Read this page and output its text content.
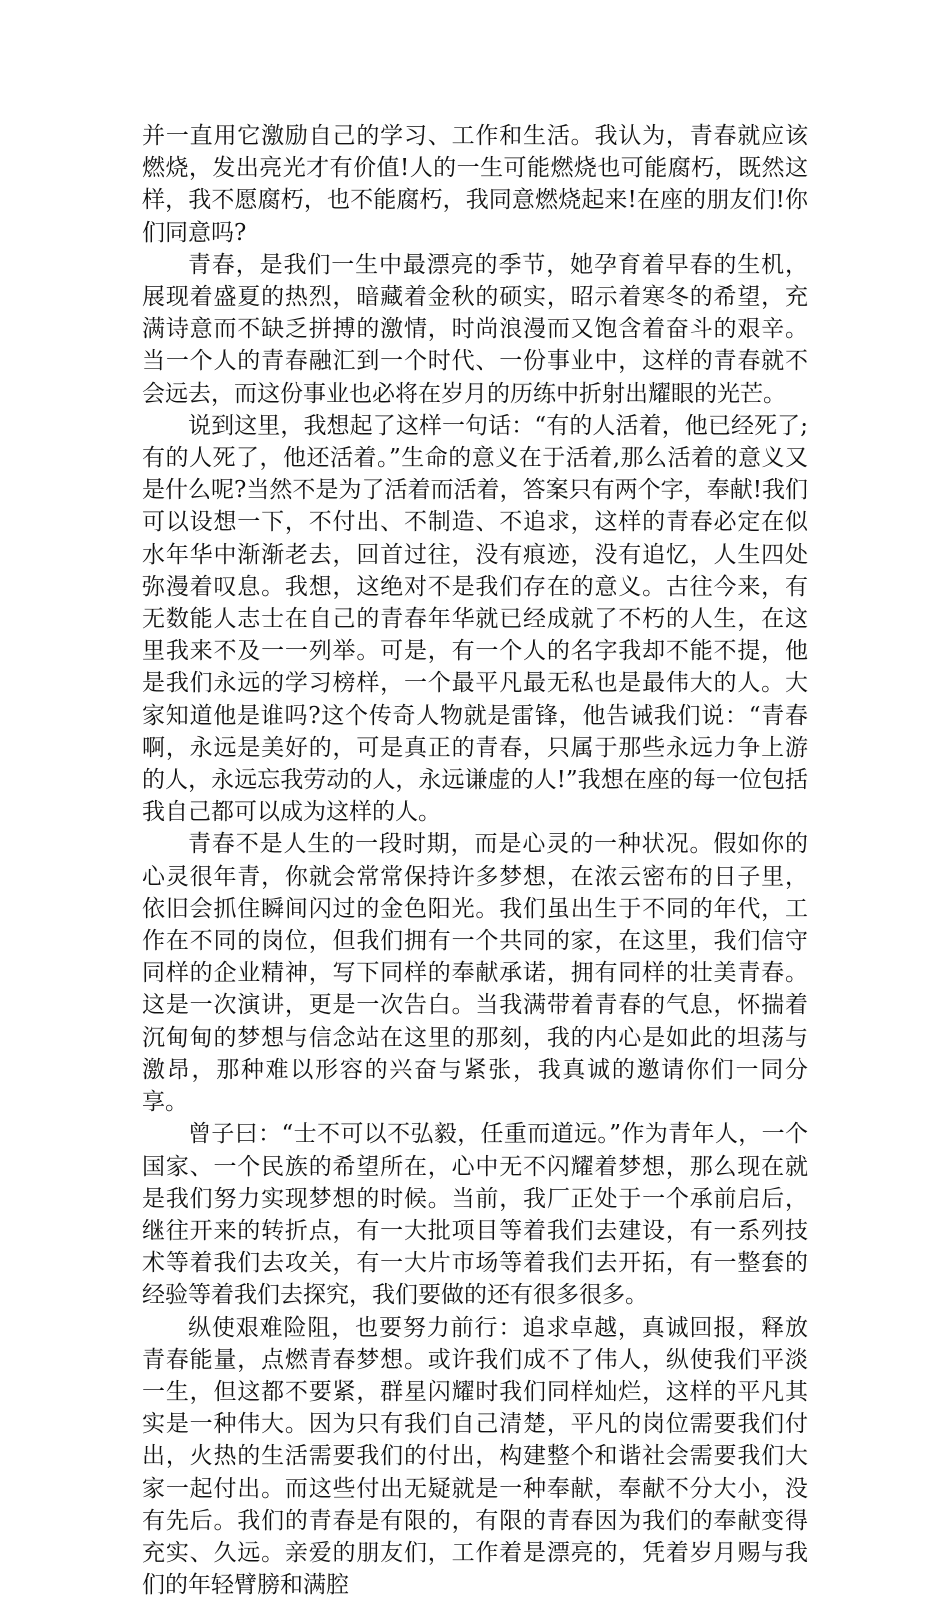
并一直用它激励自己的学习、工作和生活。我认为，青春就应该燃烧，发出亮光才有价值!人的一生可能燃烧也可能腐朽，既然这样，我不愿腐朽，也不能腐朽，我同意燃烧起来!在座的朋友们!你们同意吗?

青春，是我们一生中最漂亮的季节，她孕育着早春的生机，展现着盛夏的热烈，暗藏着金秋的硕实，昭示着寒冬的希望，充满诗意而不缺乏拼搏的激情，时尚浪漫而又饱含着奋斗的艰辛。当一个人的青春融汇到一个时代、一份事业中，这样的青春就不会远去，而这份事业也必将在岁月的历练中折射出耀眼的光芒。

说到这里，我想起了这样一句话：“有的人活着，他已经死了;有的人死了，他还活着。”生命的意义在于活着,那么活着的意义又是什么呢?当然不是为了活着而活着，答案只有两个字，奉献!我们可以设想一下，不付出、不制造、不追求，这样的青春必定在似水年华中渐渐老去，回首过往，没有痕迹，没有追忆，人生四处弥漫着叹息。我想，这绝对不是我们存在的意义。古往今来，有无数能人志士在自己的青春年华就已经成就了不朽的人生，在这里我来不及一一列举。可是，有一个人的名字我却不能不提，他是我们永远的学习榜样，一个最平凡最无私也是最伟大的人。大家知道他是谁吗?这个传奇人物就是雷锋，他告诫我们说：“青春啊，永远是美好的，可是真正的青春，只属于那些永远力争上游的人，永远忘我劳动的人，永远谦虚的人!”我想在座的每一位包括我自己都可以成为这样的人。

青春不是人生的一段时期，而是心灵的一种状况。假如你的心灵很年青，你就会常常保持许多梦想，在浓云密布的日子里，依旧会抓住瞬间闪过的金色阳光。我们虽出生于不同的年代，工作在不同的岗位，但我们拥有一个共同的家，在这里，我们信守同样的企业精神，写下同样的奉献承诺，拥有同样的壮美青春。这是一次演讲，更是一次告白。当我满带着青春的气息，怀揣着沉甸甸的梦想与信念站在这里的那刻，我的内心是如此的坦荡与激昂，那种难以形容的兴奋与紧张，我真诚的邀请你们一同分享。

曾子曰：“士不可以不弘毅，任重而道远。”作为青年人，一个国家、一个民族的希望所在，心中无不闪耀着梦想，那么现在就是我们努力实现梦想的时候。当前，我厂正处于一个承前启后，继往开来的转折点，有一大批项目等着我们去建设，有一系列技术等着我们去攻关，有一大片市场等着我们去开拓，有一整套的经验等着我们去探究，我们要做的还有很多很多。

纵使艰难险阻，也要努力前行：追求卓越，真诚回报，释放青春能量，点燃青春梦想。或许我们成不了伟人，纵使我们平淡一生，但这都不要紧，群星闪耀时我们同样灿烂，这样的平凡其实是一种伟大。因为只有我们自己清楚，平凡的岗位需要我们付出，火热的生活需要我们的付出，构建整个和谐社会需要我们大家一起付出。而这些付出无疑就是一种奉献，奉献不分大小，没有先后。我们的青春是有限的，有限的青春因为我们的奉献变得充实、久远。亲爱的朋友们，工作着是漂亮的，凭着岁月赐与我们的年轻臂膀和满腔
